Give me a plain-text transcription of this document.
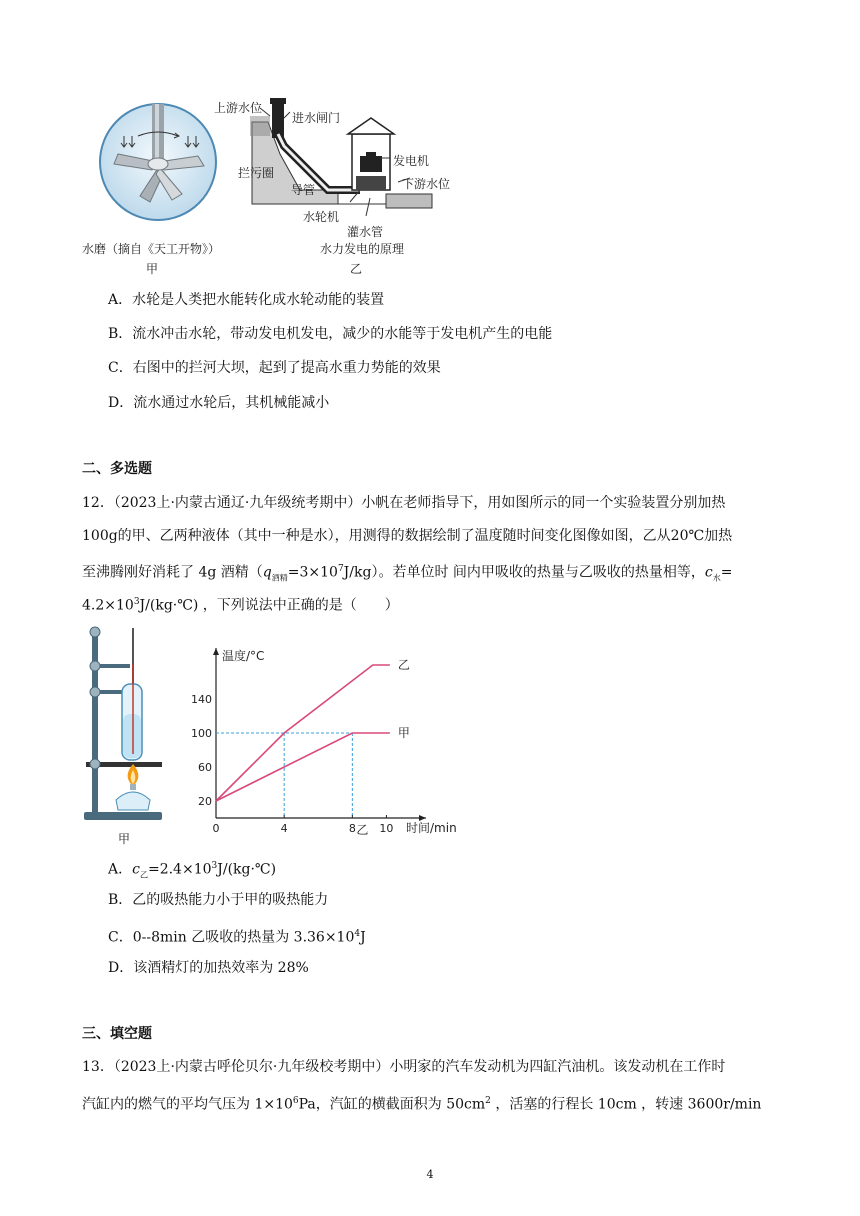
水磨（摘自《天工开物》）
甲
上游水位
进水闸门
拦污圈
导管
发电机
下游水位
水轮机
灌水管
水力发电的原理
乙
A．水轮是人类把水能转化成水轮动能的装置
B．流水冲击水轮，带动发电机发电，减少的水能等于发电机产生的电能
C．右图中的拦河大坝，起到了提高水重力势能的效果
D．流水通过水轮后，其机械能减小
二、多选题
12．（2023上·内蒙古通辽·九年级统考期中）小帆在老师指导下，用如图所示的同一个实验装置分别加热
100g的甲、乙两种液体（其中一种是水），用测得的数据绘制了温度随时间变化图像如图，乙从20℃加热
至沸腾刚好消耗了 4g 酒精$(q_{酒精}=3\times 10^7J/kg)$。若单位时 间内甲吸收的热量与乙吸收的热量相等，$c_水=$
$4.2\times 10^3J/(kg\cdot℃)$ ，下列说法中正确的是（　　）
甲
乙
甲
0	4	8 10
20
60
100
140
温度/°C
时间/min
乙
A．$c_乙=2.4\times 10^3J/(kg\cdot℃)$
B．乙的吸热能力小于甲的吸热能力
C．0--8min 乙吸收的热量为 $3.36\times 10^4J$
D．该酒精灯的加热效率为 28%
三、填空题
13．（2023上·内蒙古呼伦贝尔·九年级校考期中）小明家的汽车发动机为四缸汽油机。该发动机在工作时
汽缸内的燃气的平均气压为 $1\times 10^6Pa$，汽缸的横截面积为 $50cm^2$ ，活塞的行程长 10cm ，转速 3600r/min
4
